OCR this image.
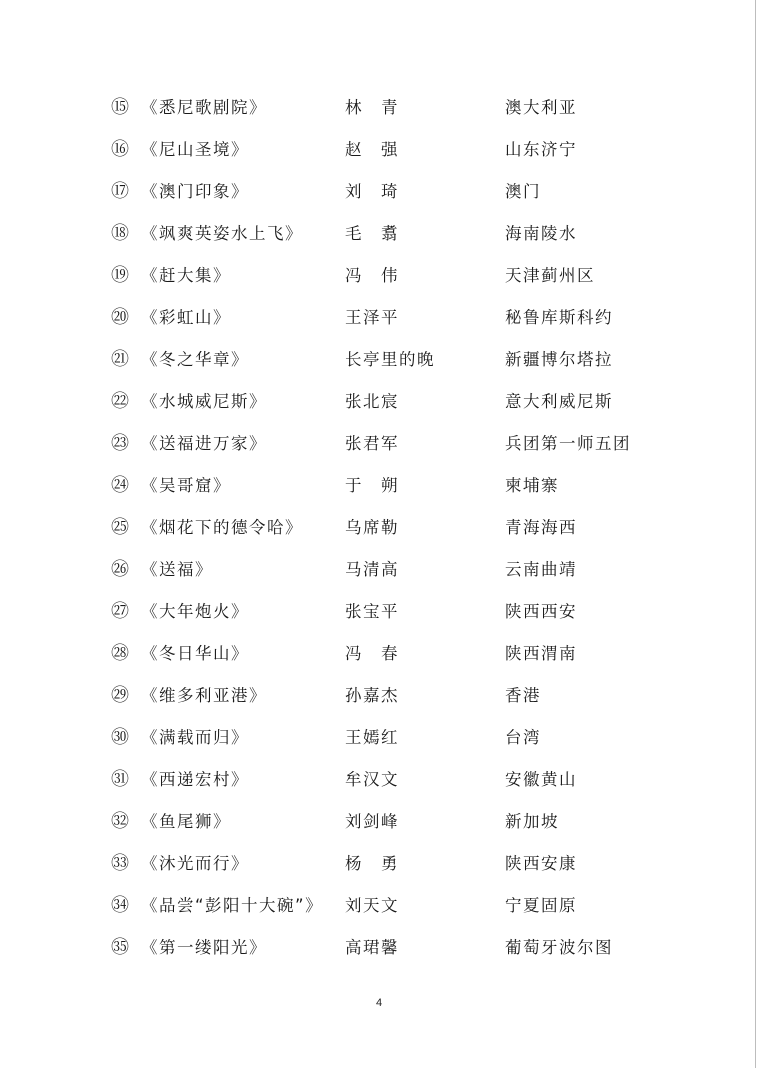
⑮ 《悉尼歌剧院》	林　青	澳大利亚
⑯ 《尼山圣境》	赵　强	山东济宁
⑰ 《澳门印象》	刘　琦	澳门
⑱ 《飒爽英姿水上飞》	毛　翥	海南陵水
⑲ 《赶大集》	冯　伟	天津蓟州区
⑳ 《彩虹山》	王泽平	秘鲁库斯科约
㉑ 《冬之华章》	长亭里的晚	新疆博尔塔拉
㉒ 《水城威尼斯》	张北宸	意大利威尼斯
㉓ 《送福进万家》	张君军	兵团第一师五团
㉔ 《吴哥窟》	于　朔	柬埔寨
㉕ 《烟花下的德令哈》	乌席勒	青海海西
㉖ 《送福》	马清高	云南曲靖
㉗ 《大年炮火》	张宝平	陕西西安
㉘ 《冬日华山》	冯　春	陕西渭南
㉙ 《维多利亚港》	孙嘉杰	香港
㉚ 《满载而归》	王嫣红	台湾
㉛ 《西递宏村》	牟汉文	安徽黄山
㉜ 《鱼尾狮》	刘剑峰	新加坡
㉝ 《沐光而行》	杨　勇	陕西安康
㉞ 《品尝“彭阳十大碗”》 刘天文	宁夏固原
㉟ 《第一缕阳光》	高珺馨	葡萄牙波尔图
4
